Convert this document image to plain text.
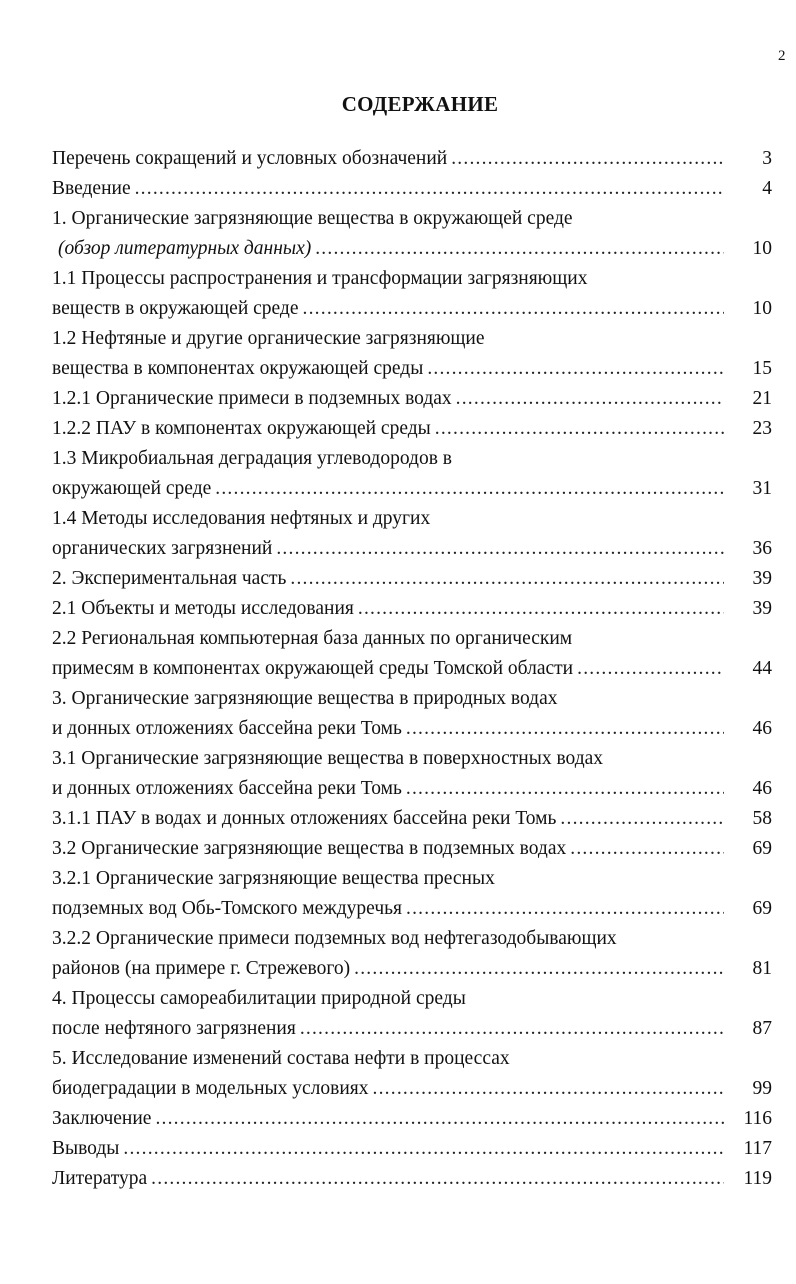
2
СОДЕРЖАНИЕ
Перечень сокращений и условных обозначений .....	3
Введение .....	4
1. Органические загрязняющие вещества в окружающей среде
(обзор литературных данных) .....	10
1.1 Процессы распространения и трансформации загрязняющих
веществ в окружающей среде .....	10
1.2 Нефтяные и другие органические загрязняющие
вещества в компонентах окружающей среды .....	15
1.2.1 Органические примеси в подземных водах .....	21
1.2.2 ПАУ в компонентах окружающей среды .....	23
1.3 Микробиальная деградация углеводородов в
окружающей среде .....	31
1.4 Методы исследования нефтяных и других
органических загрязнений .....	36
2. Экспериментальная часть .....	39
2.1 Объекты и методы исследования .....	39
2.2 Региональная компьютерная база данных по органическим
примесям в компонентах окружающей среды Томской области .....	44
3. Органические загрязняющие вещества в природных водах
и донных отложениях бассейна реки Томь .....	46
3.1 Органические загрязняющие вещества в поверхностных водах
и донных отложениях бассейна реки Томь .....	46
3.1.1 ПАУ в водах и донных отложениях бассейна реки Томь .....	58
3.2 Органические загрязняющие вещества в подземных водах .....	69
3.2.1 Органические загрязняющие вещества пресных
подземных вод Обь-Томского междуречья .....	69
3.2.2 Органические примеси подземных вод нефтегазодобывающих
районов (на примере г. Стрежевого) .....	81
4. Процессы самореабилитации природной среды
после нефтяного загрязнения .....	87
5. Исследование изменений состава нефти в процессах
биодеградации в модельных условиях .....	99
Заключение .....	116
Выводы .....	117
Литература .....	119
